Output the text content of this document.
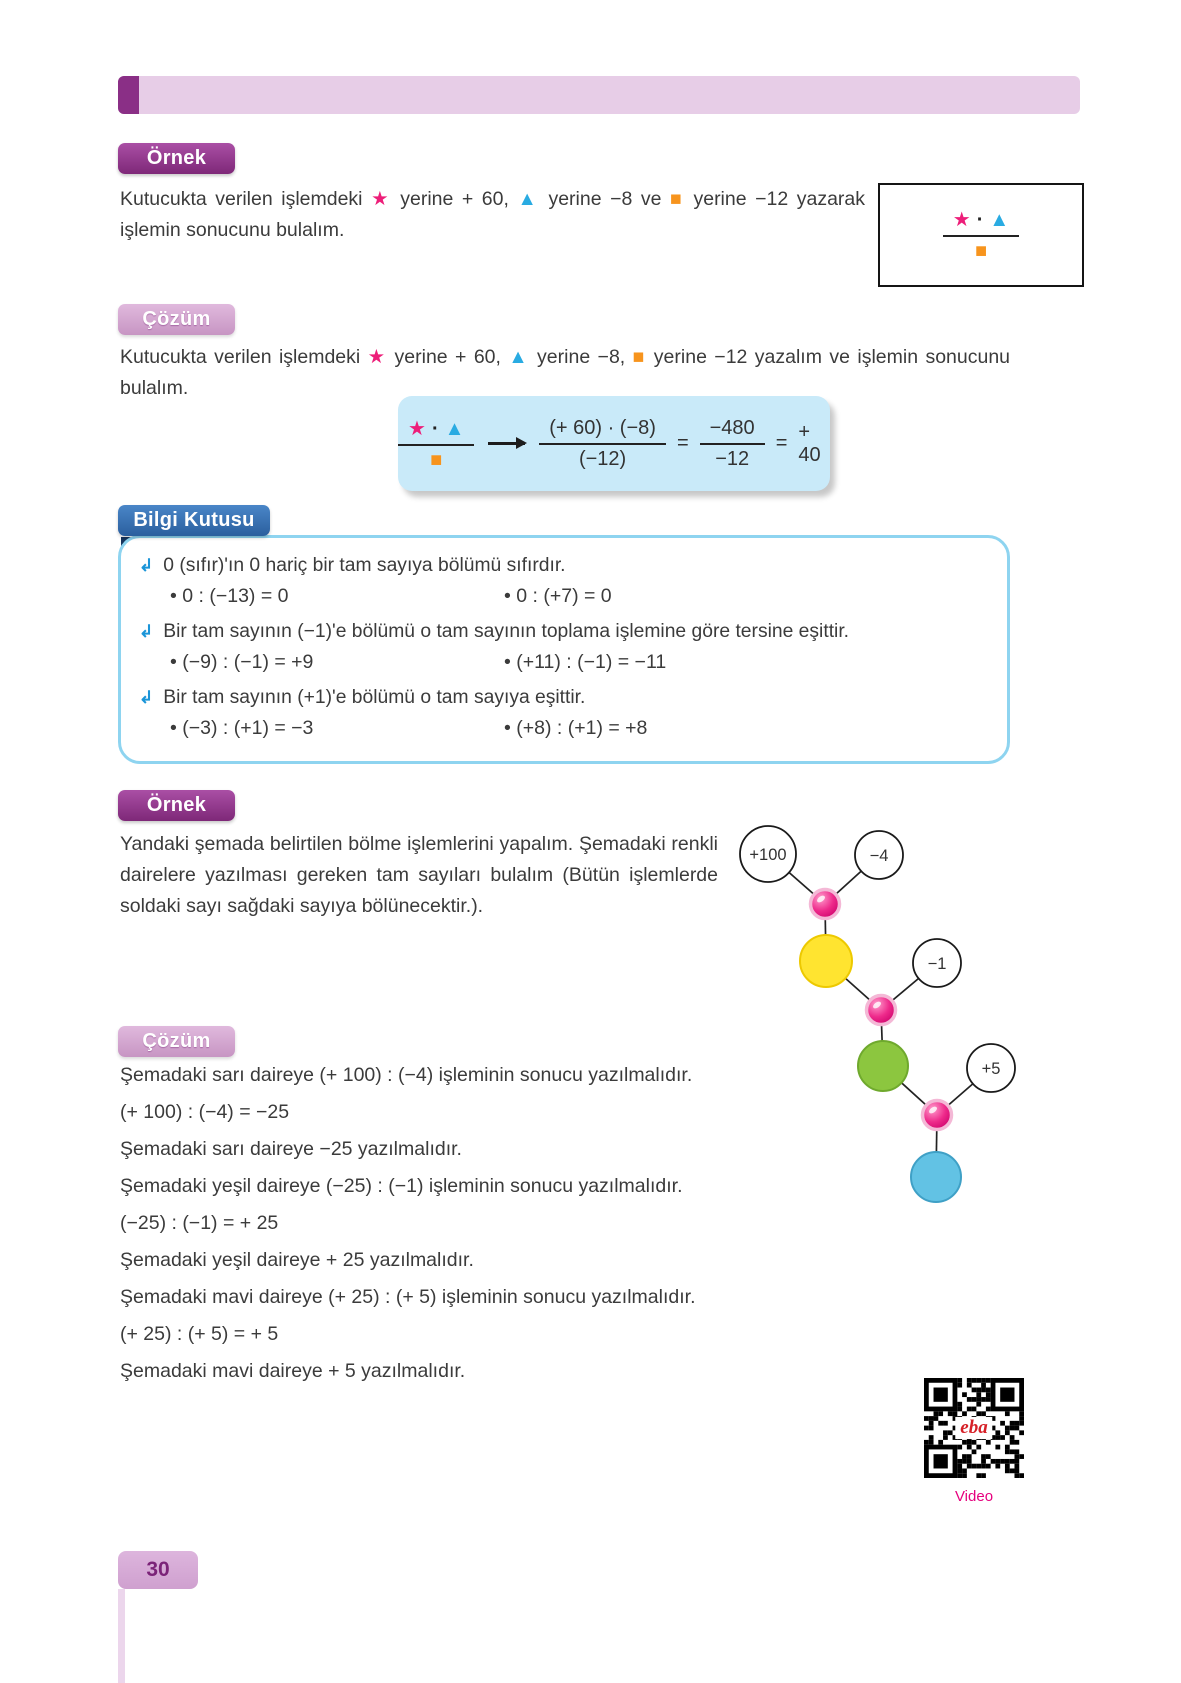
Örnek

Kutucukta verilen işlemdeki ★ yerine + 60, ▲ yerine −8 ve ■ yerine −12 yazarak işlemin sonucunu bulalım.	$\frac{★ \cdot ▲}{■}$
Çözüm

Kutucukta verilen işlemdeki ★ yerine + 60, ▲ yerine −8, ■ yerine −12 yazalım ve işlemin sonucunu bulalım.

$\frac{★ \cdot ▲}{■}$	$\frac{(+ 60) \cdot (-8)}{(-12)} = \frac{-480}{-12}$ =
+ 40
↲ 0 (sıfır)'ın 0 hariç bir tam sayıya bölümü sıfırdır.
• 0 : (−13) = 0	• 0 : (+7) = 0
↲ Bir tam sayının (−1)'e bölümü o tam sayının toplama işlemine göre tersine eşittir.
• (−9) : (−1) = +9	• (+11) : (−1) = −11
↲ Bir tam sayının (+1)'e bölümü o tam sayıya eşittir.
• (−3) : (+1) = −3	• (+8) : (+1) = +8
Bilgi Kutusu
Örnek

Yandaki şemada belirtilen bölme işlemlerini yapalım. Şemadaki renkli dairelere yazılması gereken tam sayıları bulalım (Bütün işlemlerde soldaki sayı sağdaki sayıya bölünecektir.).

+100	−4
−1
+5
Çözüm
Şemadaki sarı daireye (+ 100) : (−4) işleminin sonucu yazılmalıdır.
(+ 100) : (−4) = −25
Şemadaki sarı daireye −25 yazılmalıdır.
Şemadaki yeşil daireye (−25) : (−1) işleminin sonucu yazılmalıdır.
(−25) : (−1) = + 25
Şemadaki yeşil daireye + 25 yazılmalıdır.
Şemadaki mavi daireye (+ 25) : (+ 5) işleminin sonucu yazılmalıdır.
(+ 25) : (+ 5) = + 5
Şemadaki mavi daireye + 5 yazılmalıdır.
eba
Video
30
